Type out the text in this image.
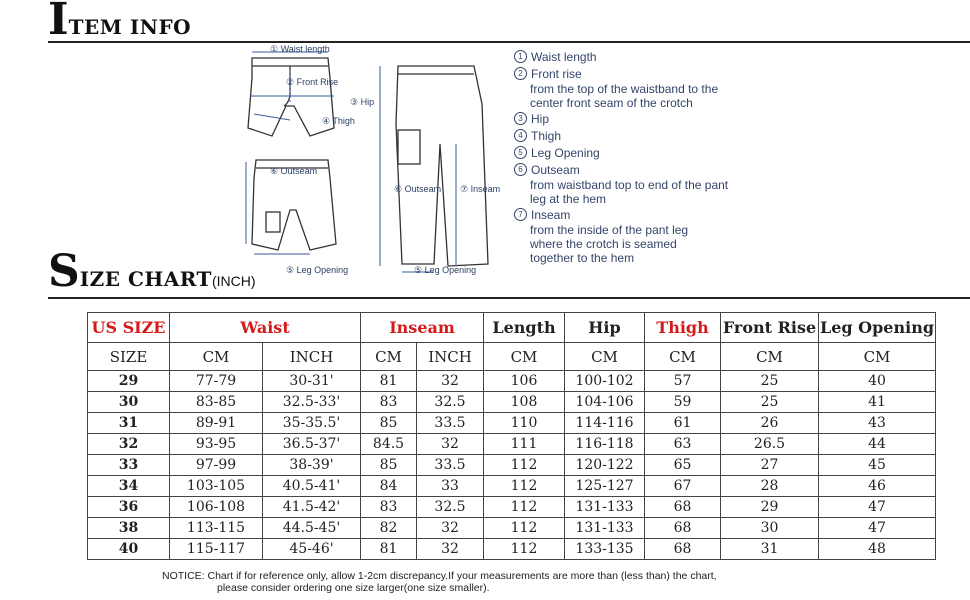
ITEM INFO
① Waist length
② Front Rise
③ Hip
④ Thigh
⑥ Outseam
⑤ Leg Opening
⑥ Outseam ⑦ Inseam
⑤ Leg Opening
1 Waist length
2 Front rise
from the top of the waistband to the center front seam of the crotch
3 Hip
4 Thigh
5 Leg Opening
6 Outseam
from waistband top to end of the pant leg at the hem
7 Inseam
from the inside of the pant leg where the crotch is seamed together to the hem
SIZE CHART(INCH)
US SIZE	Waist		Inseam		Length	Hip	Thigh	Front Rise	Leg Opening
SIZE	CM	INCH	CM	INCH	CM	CM	CM	CM	CM
29	77-79	30-31'	81	32	106	100-102	57	25	40
30	83-85	32.5-33'	83	32.5	108	104-106	59	25	41
31	89-91	35-35.5'	85	33.5	110	114-116	61	26	43
32	93-95	36.5-37'	84.5	32	111	116-118	63	26.5	44
33	97-99	38-39'	85	33.5	112	120-122	65	27	45
34	103-105	40.5-41'	84	33	112	125-127	67	28	46
36	106-108	41.5-42'	83	32.5	112	131-133	68	29	47
38	113-115	44.5-45'	82	32	112	131-133	68	30	47
40	115-117	45-46'	81	32	112	133-135	68	31	48
NOTICE: Chart if for reference only, allow 1-2cm discrepancy.If your measurements are more than (less than) the chart,
please consider ordering one size larger(one size smaller).
